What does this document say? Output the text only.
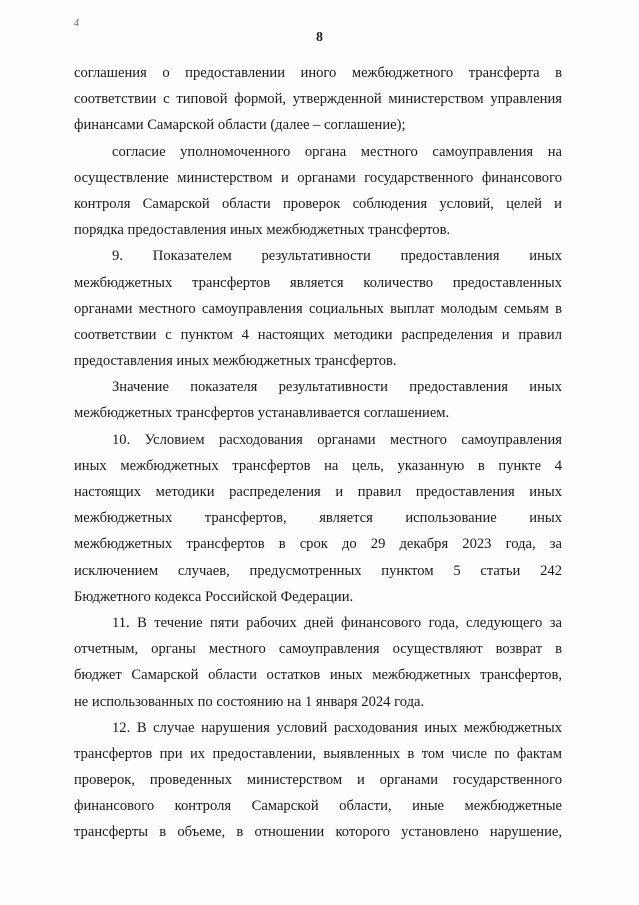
4
8
соглашения о предоставлении иного межбюджетного трансферта в
соответствии с типовой формой, утвержденной министерством управления
финансами Самарской области (далее – соглашение);
согласие уполномоченного органа местного самоуправления на
осуществление министерством и органами государственного финансового
контроля Самарской области проверок соблюдения условий, целей и
порядка предоставления иных межбюджетных трансфертов.
9. Показателем результативности предоставления иных
межбюджетных трансфертов является количество предоставленных
органами местного самоуправления социальных выплат молодым семьям в
соответствии с пунктом 4 настоящих методики распределения и правил
предоставления иных межбюджетных трансфертов.
Значение показателя результативности предоставления иных
межбюджетных трансфертов устанавливается соглашением.
10. Условием расходования органами местного самоуправления
иных межбюджетных трансфертов на цель, указанную в пункте 4
настоящих методики распределения и правил предоставления иных
межбюджетных трансфертов, является использование иных
межбюджетных трансфертов в срок до 29 декабря 2023 года, за
исключением случаев, предусмотренных пунктом 5 статьи 242
Бюджетного кодекса Российской Федерации.
11. В течение пяти рабочих дней финансового года, следующего за
отчетным, органы местного самоуправления осуществляют возврат в
бюджет Самарской области остатков иных межбюджетных трансфертов,
не использованных по состоянию на 1 января 2024 года.
12. В случае нарушения условий расходования иных межбюджетных
трансфертов при их предоставлении, выявленных в том числе по фактам
проверок, проведенных министерством и органами государственного
финансового контроля Самарской области, иные межбюджетные
трансферты в объеме, в отношении которого установлено нарушение,
